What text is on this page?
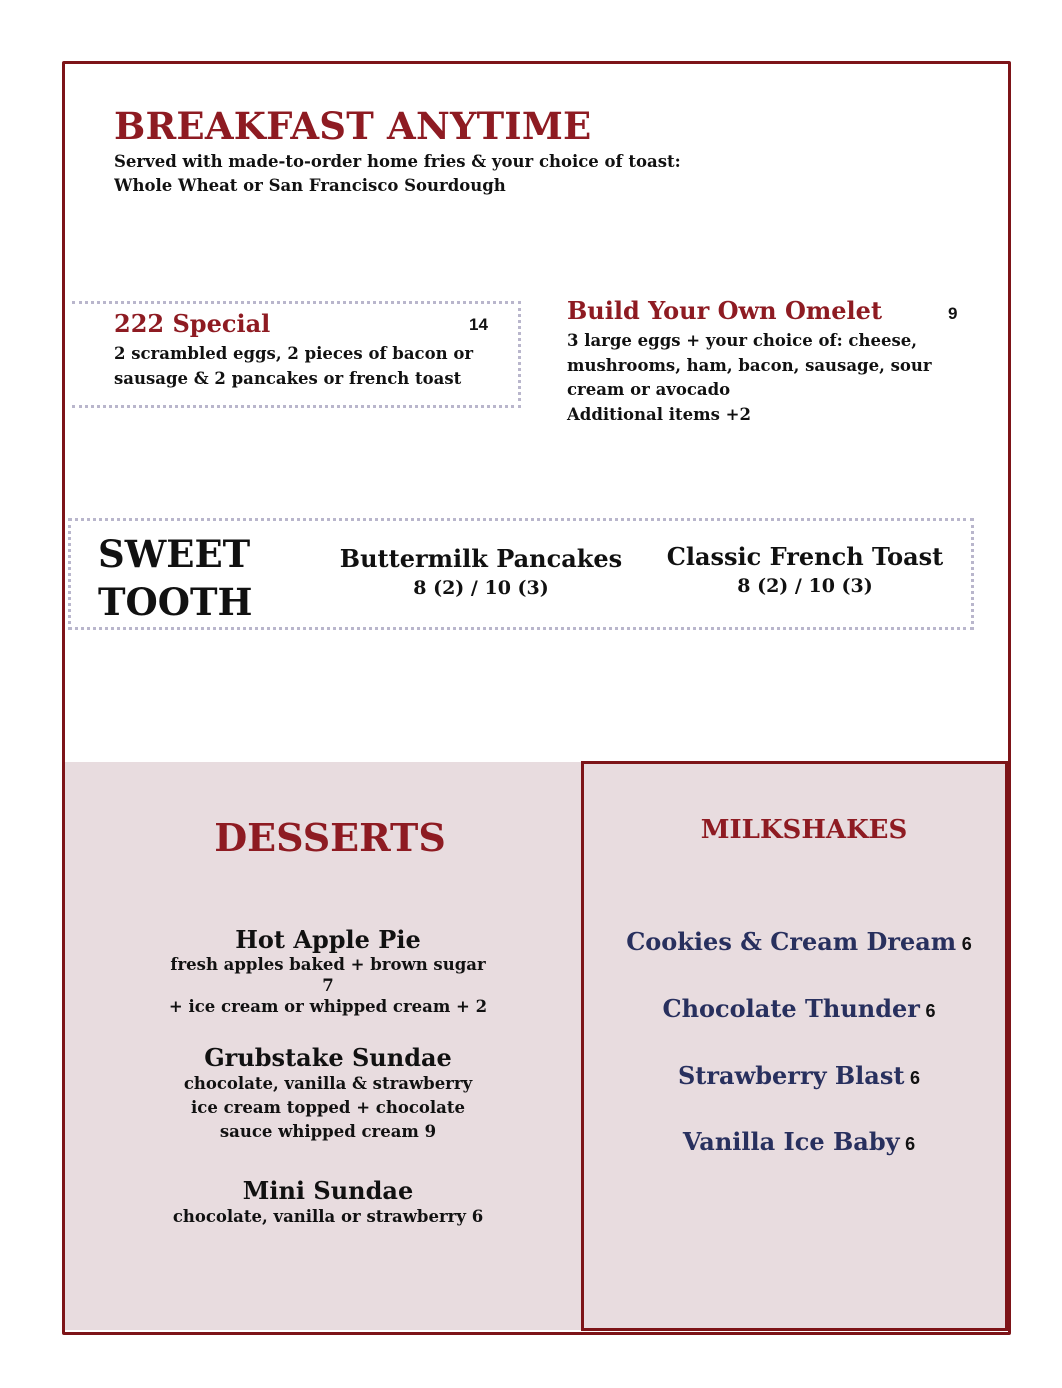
BREAKFAST ANYTIME
Served with made-to-order home fries & your choice of toast:
Whole Wheat or San Francisco Sourdough
222 Special	14
2 scrambled eggs, 2 pieces of bacon or sausage & 2 pancakes or french toast
Build Your Own Omelet	9
3 large eggs + your choice of: cheese, mushrooms, ham, bacon, sausage, sour cream or avocado
Additional items +2
SWEET TOOTH
Buttermilk Pancakes
8 (2) / 10 (3)
Classic French Toast
8 (2) / 10 (3)
DESSERTS
Hot Apple Pie
fresh apples baked + brown sugar
7
+ ice cream or whipped cream + 2
Grubstake Sundae
chocolate, vanilla & strawberry
ice cream topped + chocolate
sauce whipped cream 9
Mini Sundae
chocolate, vanilla or strawberry 6
MILKSHAKES
Cookies & Cream Dream 6
Chocolate Thunder 6
Strawberry Blast 6
Vanilla Ice Baby 6
